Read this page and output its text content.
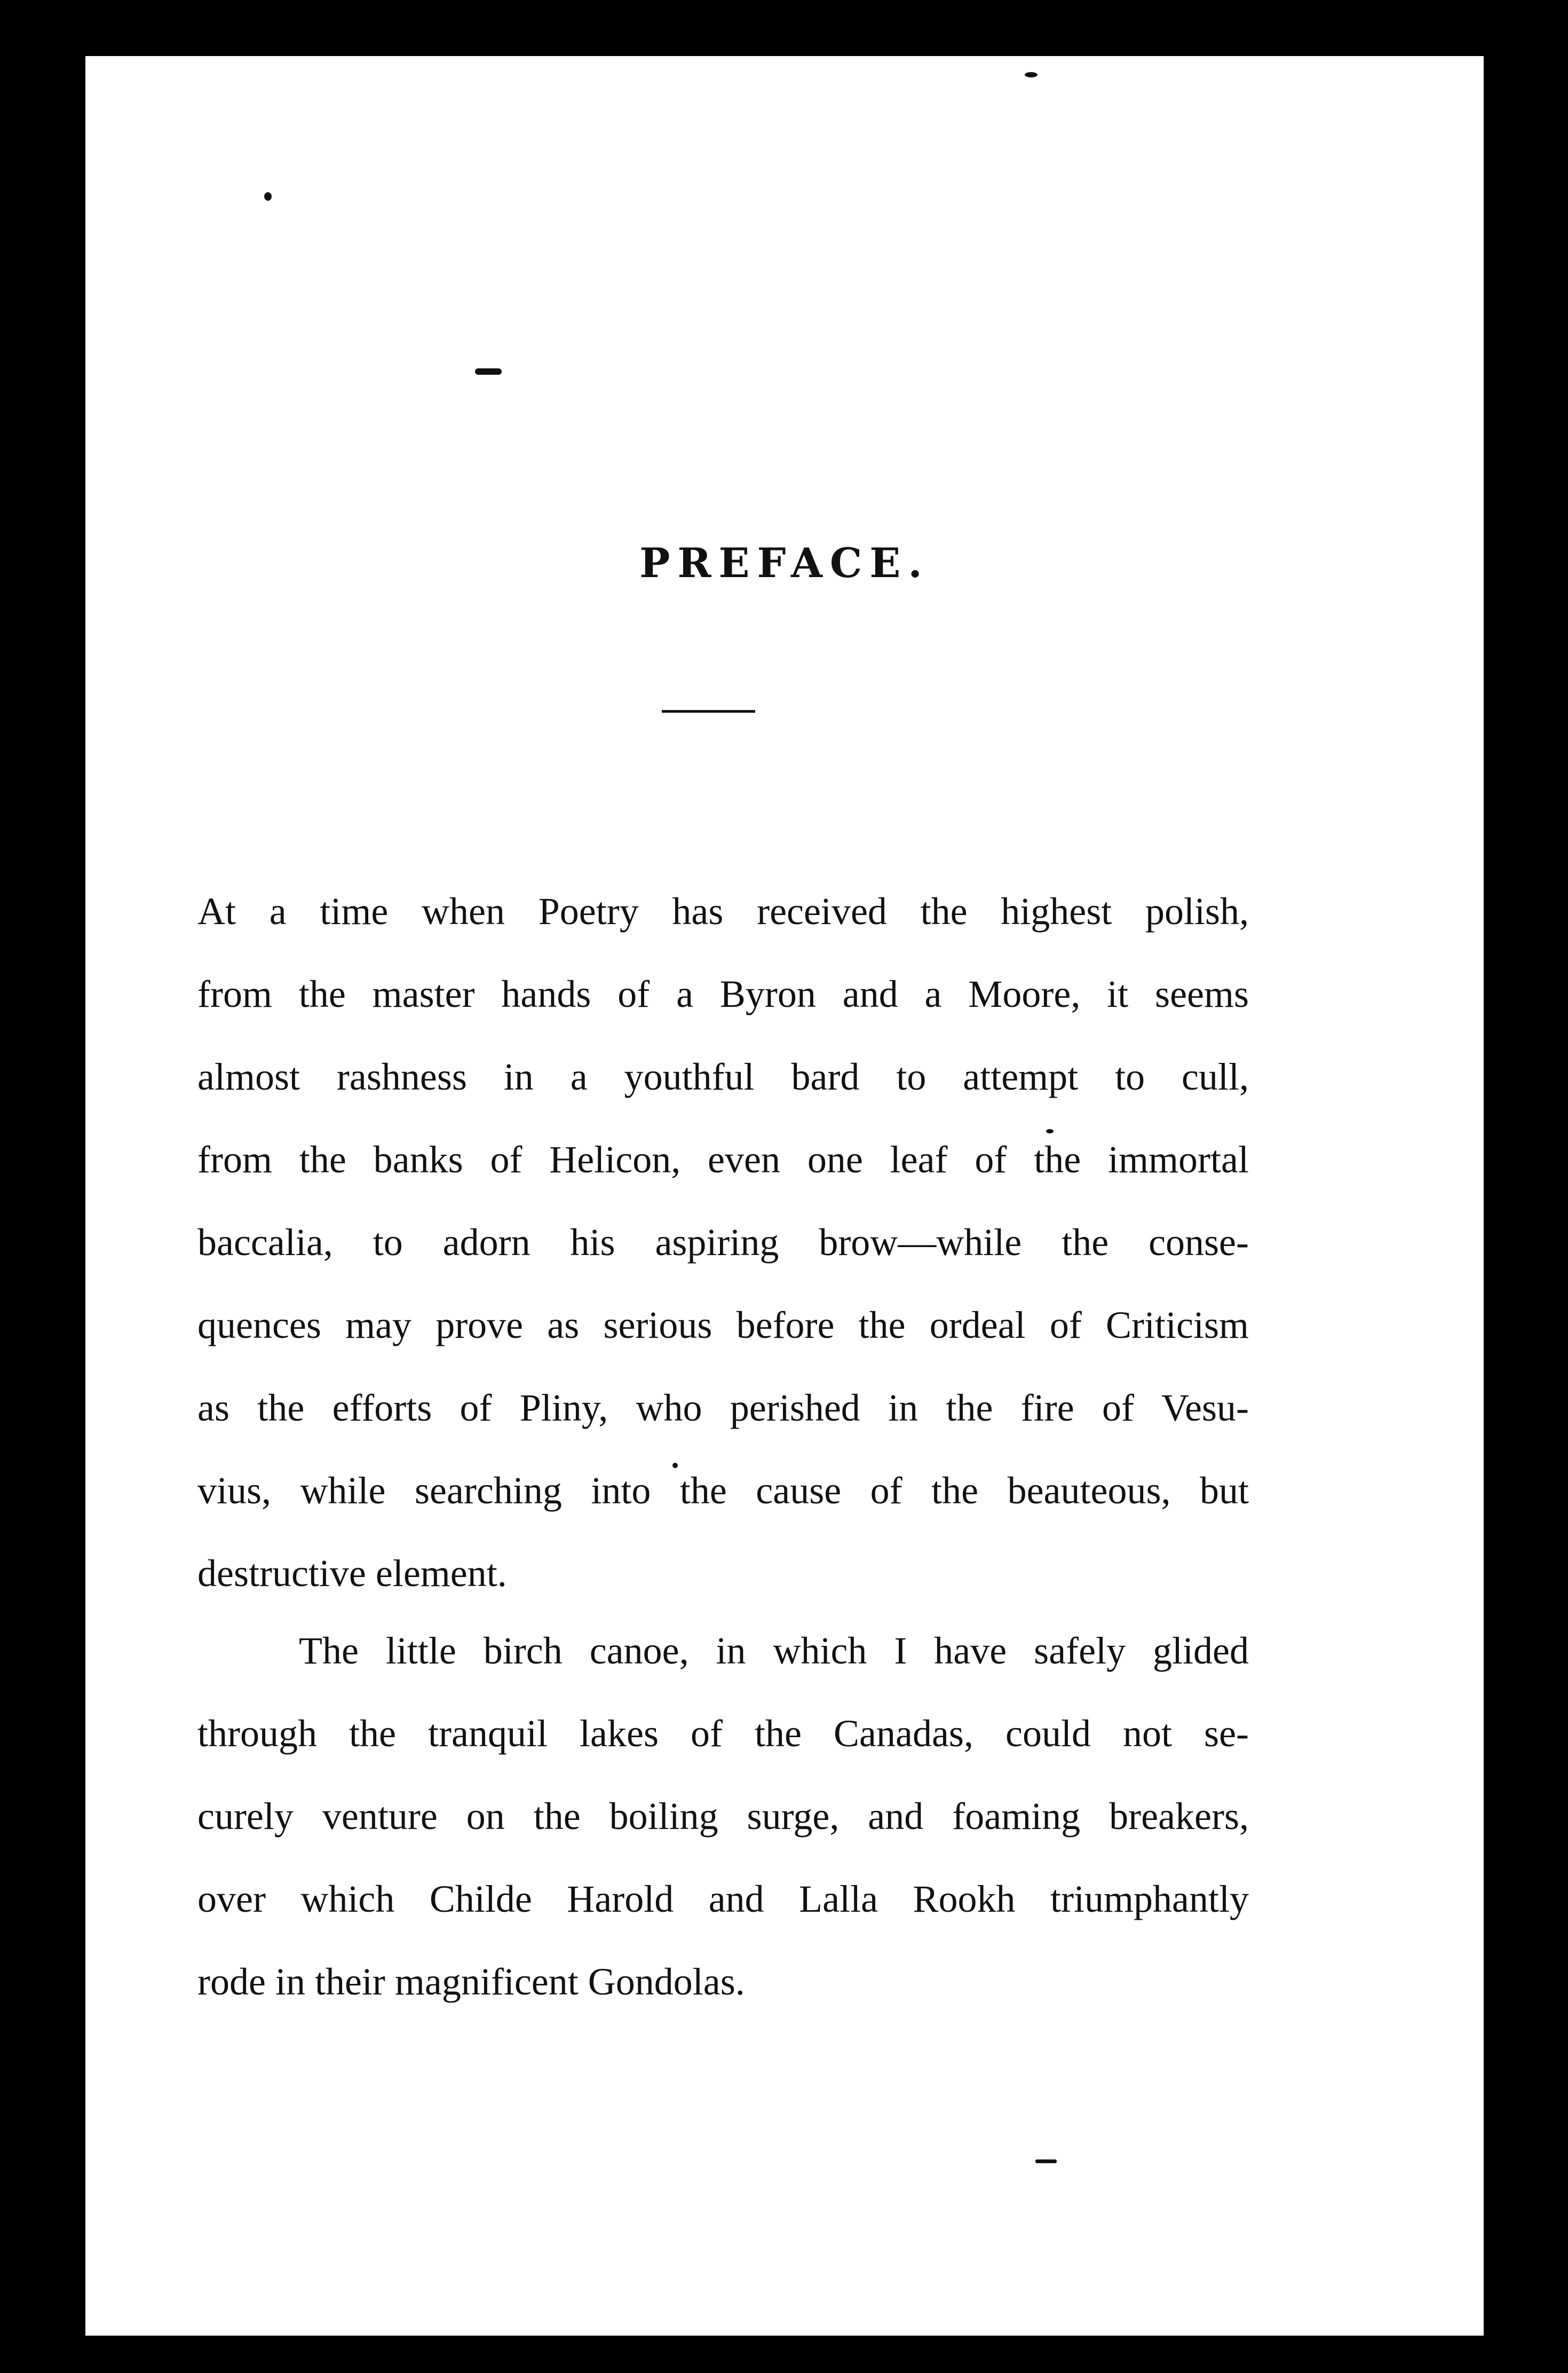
PREFACE.
At a time when Poetry has received the highest polish,
from the master hands of a Byron and a Moore, it seems
almost rashness in a youthful bard to attempt to cull,
from the banks of Helicon, even one leaf of the immortal
baccalia, to adorn his aspiring brow—while the conse-
quences may prove as serious before the ordeal of Criticism
as the efforts of Pliny, who perished in the fire of Vesu-
vius, while searching into the cause of the beauteous, but
destructive element.
The little birch canoe, in which I have safely glided
through the tranquil lakes of the Canadas, could not se-
curely venture on the boiling surge, and foaming breakers,
over which Childe Harold and Lalla Rookh triumphantly
rode in their magnificent Gondolas.
